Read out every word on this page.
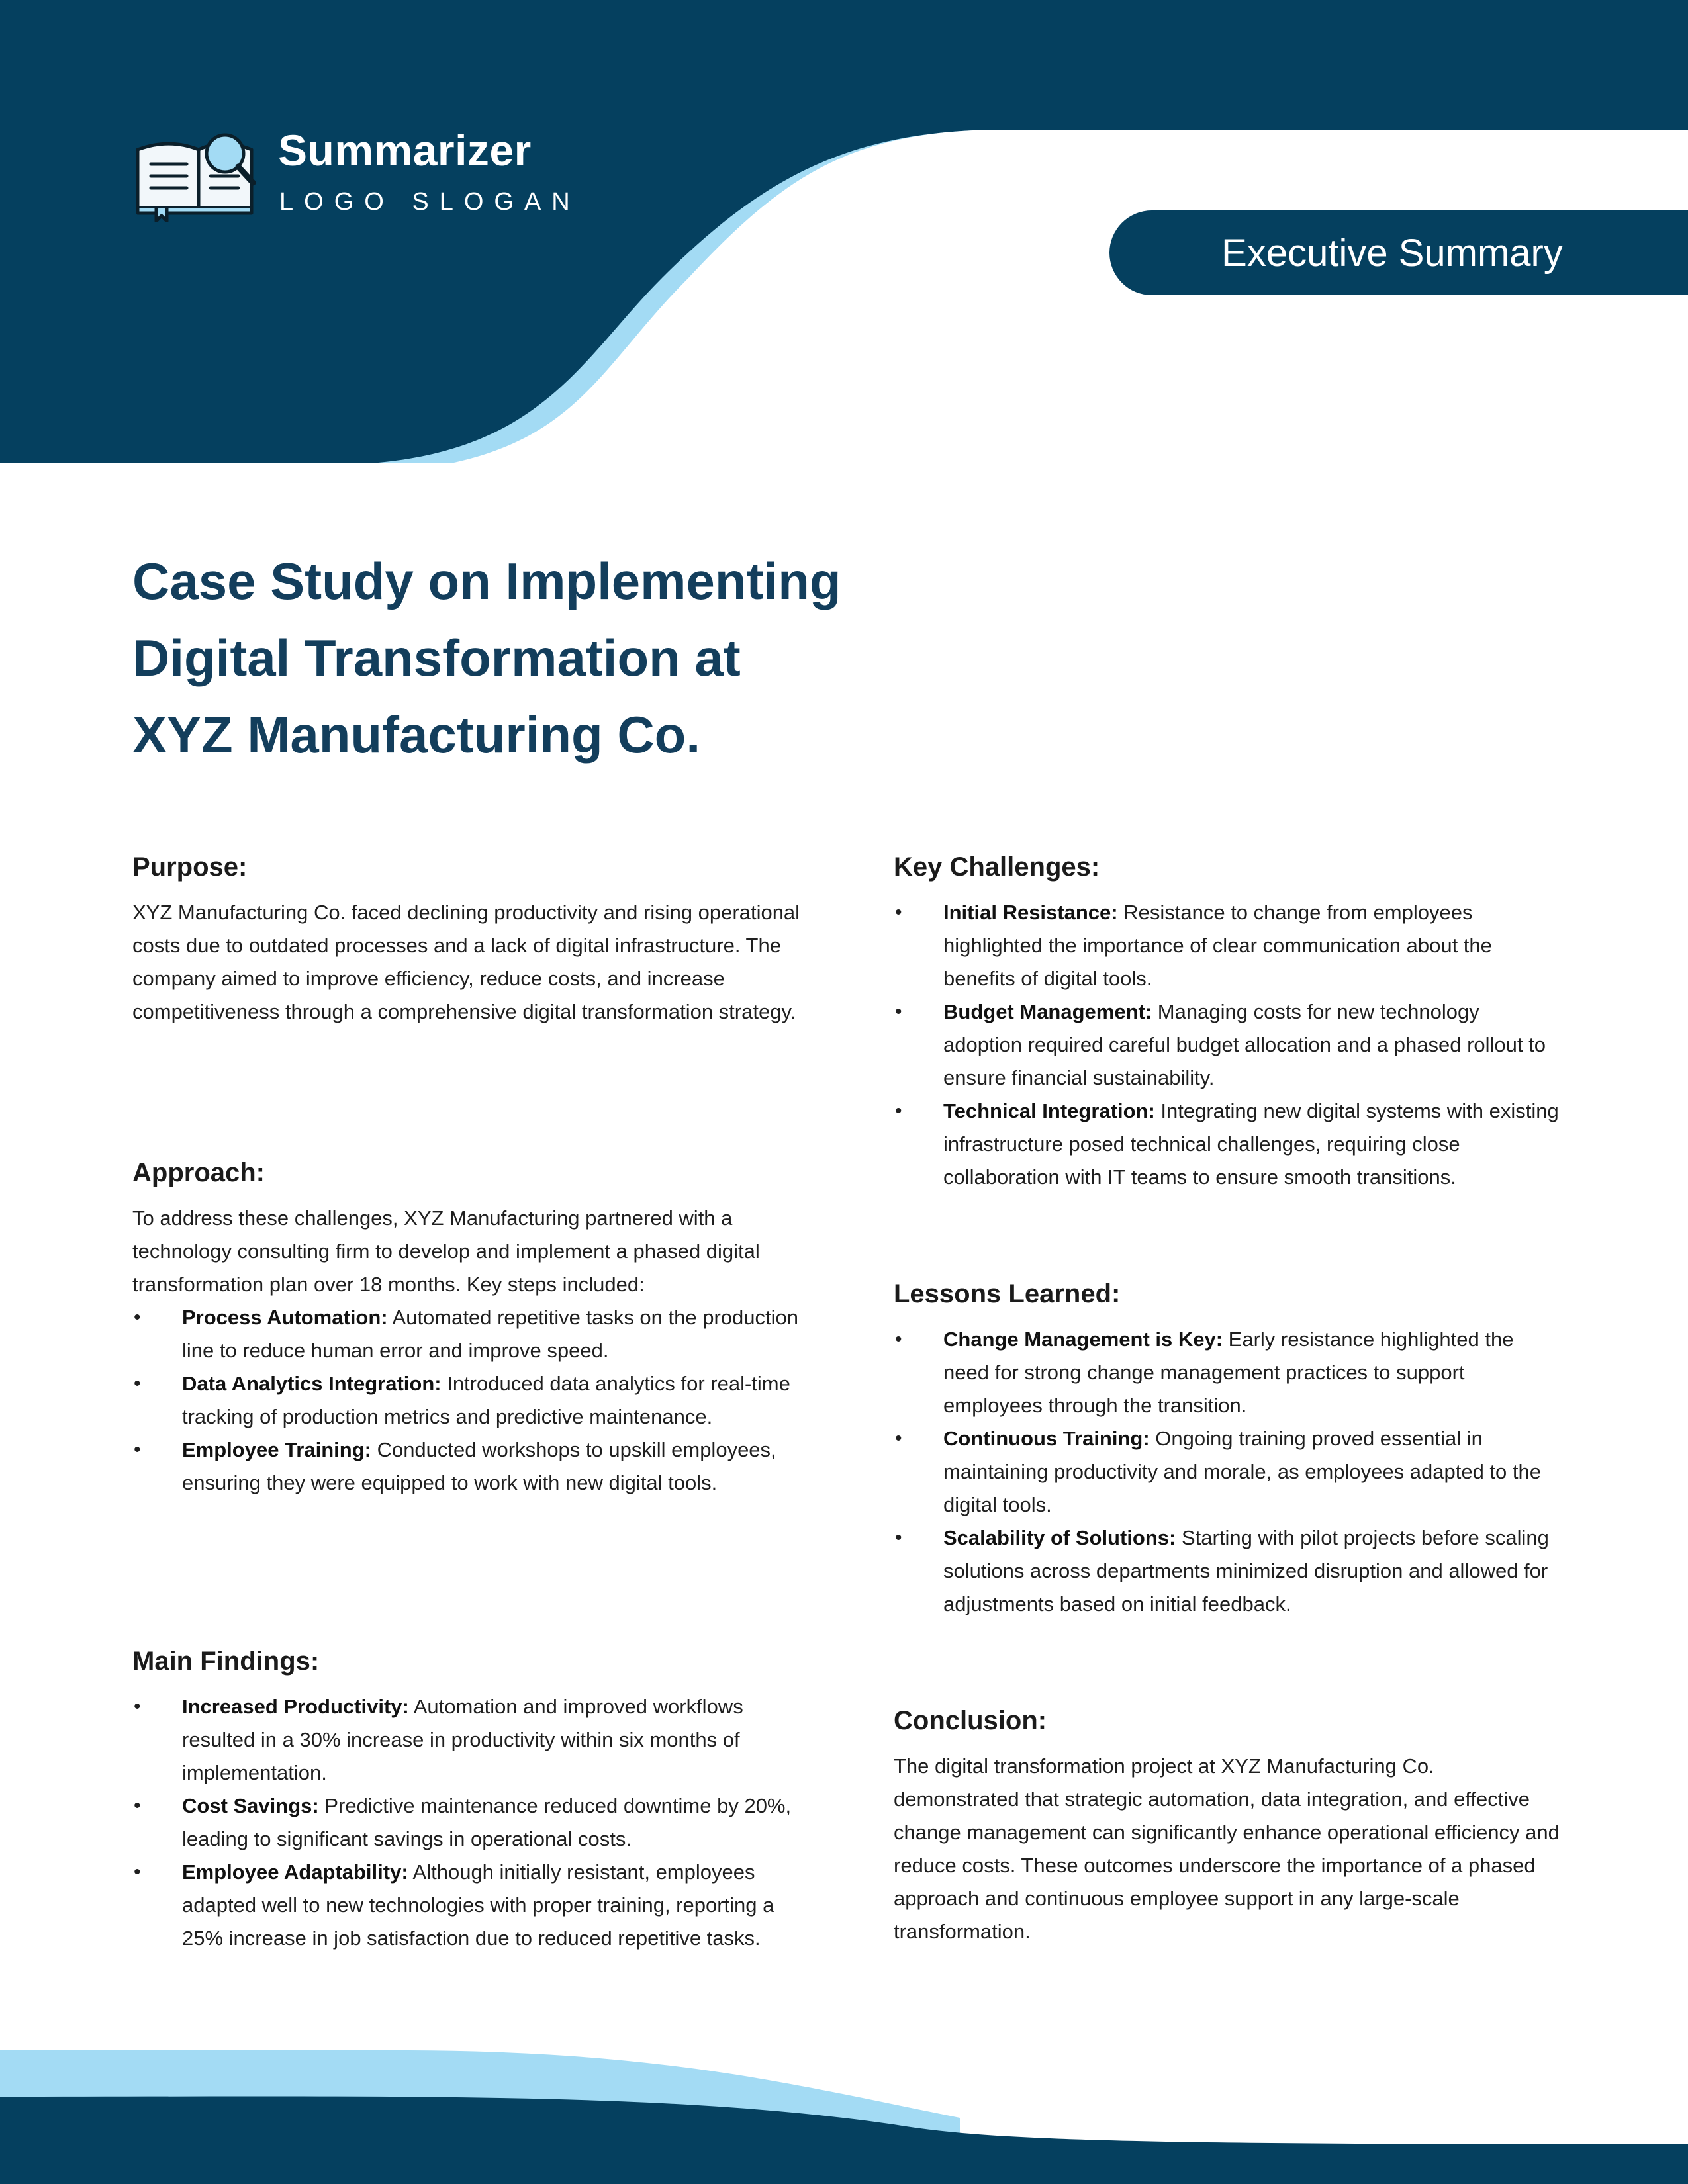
Summarizer
LOGO SLOGAN
Executive Summary
Case Study on Implementing
Digital Transformation at
XYZ Manufacturing Co.
Purpose:

XYZ Manufacturing Co. faced declining productivity and rising operational costs due to outdated processes and a lack of digital infrastructure. The company aimed to improve efficiency, reduce costs, and increase competitiveness through a comprehensive digital transformation strategy.

Approach:

To address these challenges, XYZ Manufacturing partnered with a technology consulting firm to develop and implement a phased digital transformation plan over 18 months. Key steps included:

• Process Automation: Automated repetitive tasks on the production line to reduce human error and improve speed.
• Data Analytics Integration: Introduced data analytics for real-time tracking of production metrics and predictive maintenance.
• Employee Training: Conducted workshops to upskill employees, ensuring they were equipped to work with new digital tools.
Main Findings:
• Increased Productivity: Automation and improved workflows resulted in a 30% increase in productivity within six months of implementation.
• Cost Savings: Predictive maintenance reduced downtime by 20%, leading to significant savings in operational costs.
• Employee Adaptability: Although initially resistant, employees adapted well to new technologies with proper training, reporting a 25% increase in job satisfaction due to reduced repetitive tasks.
Key Challenges:
• Initial Resistance: Resistance to change from employees highlighted the importance of clear communication about the benefits of digital tools.
• Budget Management: Managing costs for new technology adoption required careful budget allocation and a phased rollout to ensure financial sustainability.
• Technical Integration: Integrating new digital systems with existing infrastructure posed technical challenges, requiring close collaboration with IT teams to ensure smooth transitions.
Lessons Learned:
• Change Management is Key: Early resistance highlighted the need for strong change management practices to support employees through the transition.
• Continuous Training: Ongoing training proved essential in maintaining productivity and morale, as employees adapted to the digital tools.
• Scalability of Solutions: Starting with pilot projects before scaling solutions across departments minimized disruption and allowed for adjustments based on initial feedback.
Conclusion:

The digital transformation project at XYZ Manufacturing Co. demonstrated that strategic automation, data integration, and effective change management can significantly enhance operational efficiency and reduce costs. These outcomes underscore the importance of a phased approach and continuous employee support in any large-scale transformation.
